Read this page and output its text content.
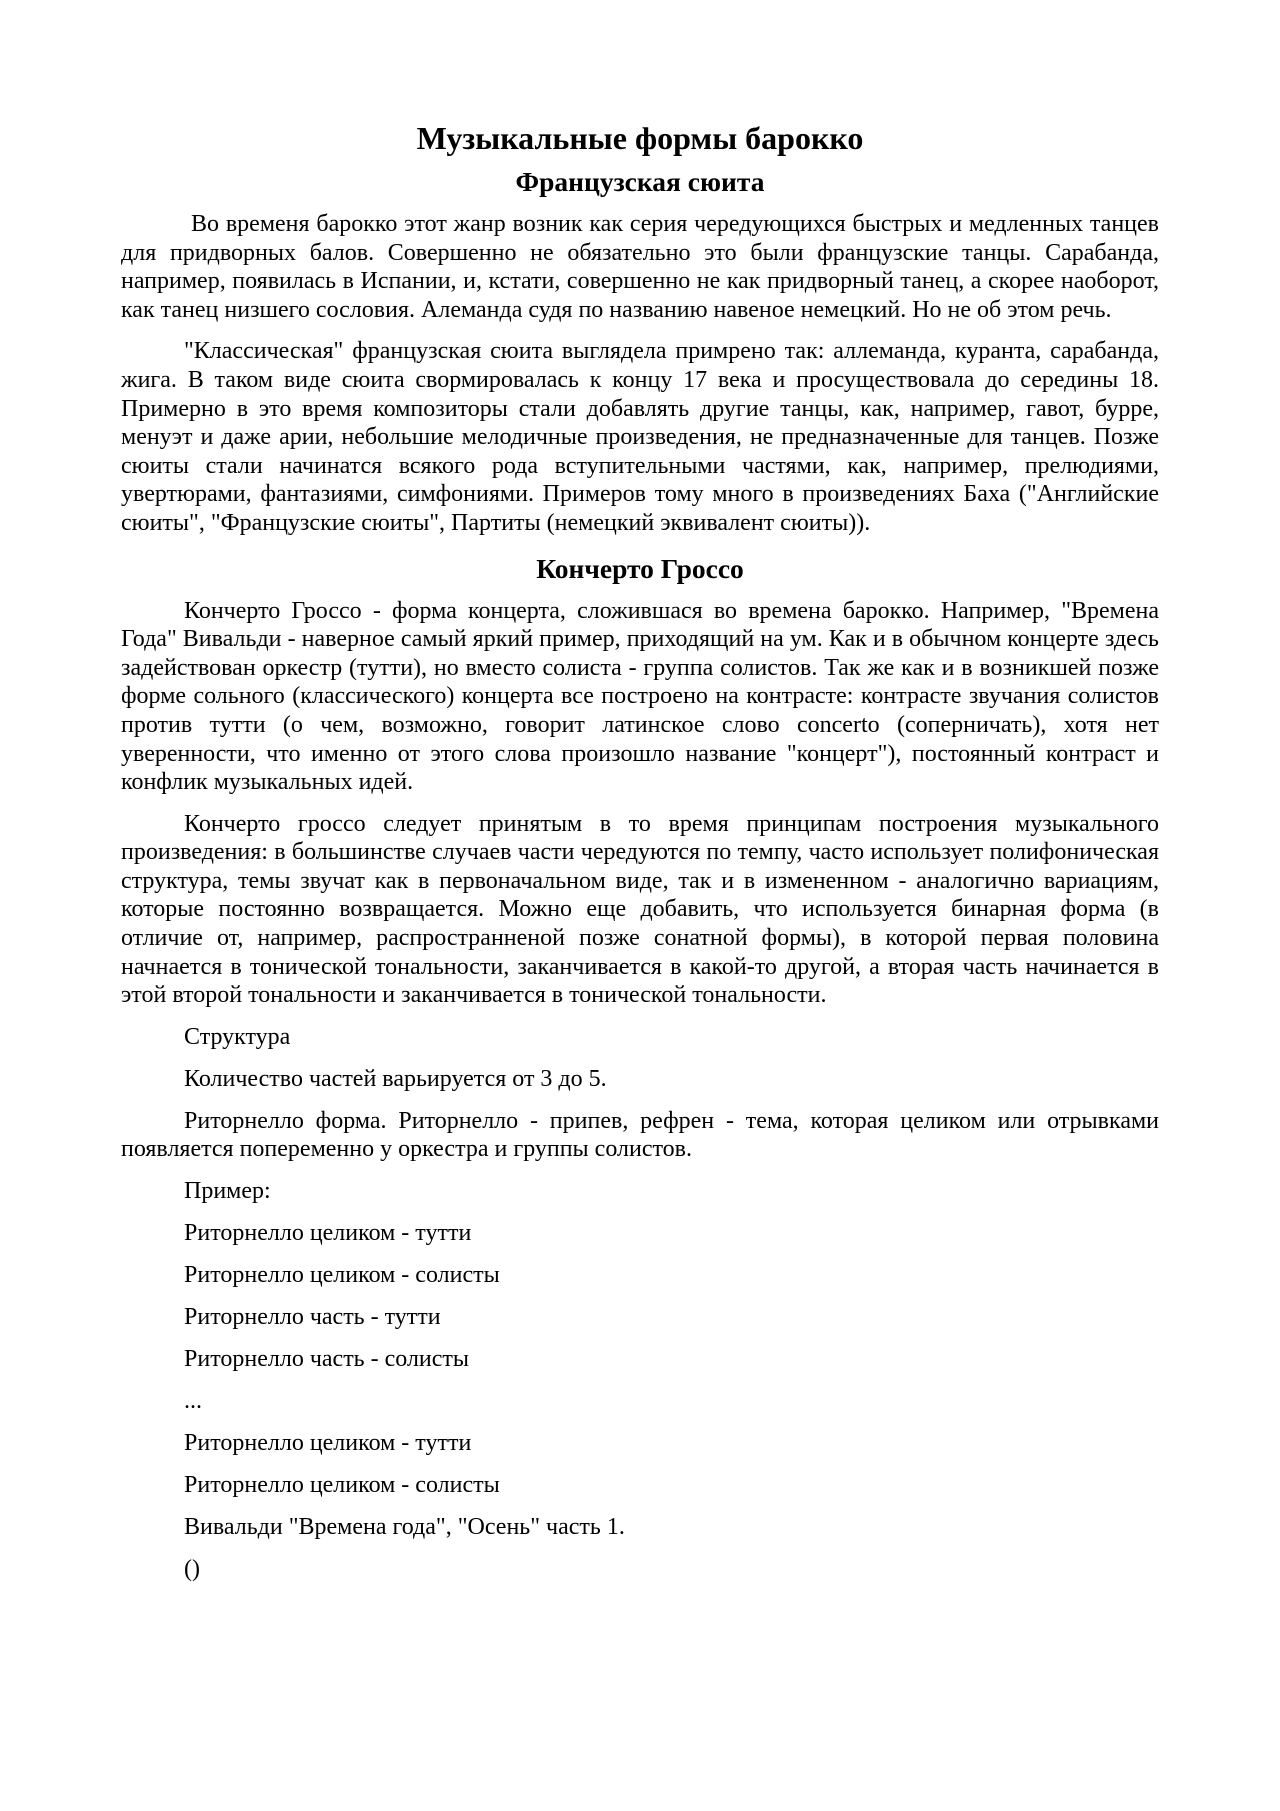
Музыкальные формы барокко
Французская сюита

Во временя барокко этот жанр возник как серия чередующихся быстрых и медленных танцев для придворных балов. Совершенно не обязательно это были французские танцы. Сарабанда, например, появилась в Испании, и, кстати, совершенно не как придворный танец, а скорее наоборот, как танец низшего сословия. Алеманда судя по названию навеное немецкий. Но не об этом речь.

"Классическая" французская сюита выглядела примрено так: аллеманда, куранта, сарабанда, жига. В таком виде сюита свормировалась к концу 17 века и просуществовала до середины 18. Примерно в это время композиторы стали добавлять другие танцы, как, например, гавот, бурре, менуэт и даже арии, небольшие мелодичные произведения, не предназначенные для танцев. Позже сюиты стали начинатся всякого рода вступительными частями, как, например, прелюдиями, увертюрами, фантазиями, симфониями. Примеров тому много в произведениях Баха ("Английские сюиты", "Французские сюиты", Партиты (немецкий эквивалент сюиты)).

Кончерто Гроссо

Кончерто Гроссо - форма концерта, сложившася во времена барокко. Например, "Времена Года" Вивальди - наверное самый яркий пример, приходящий на ум. Как и в обычном концерте здесь задействован оркестр (тутти), но вместо солиста - группа солистов. Так же как и в возникшей позже форме сольного (классического) концерта все построено на контрасте: контрасте звучания солистов против тутти (о чем, возможно, говорит латинское слово concerto (соперничать), хотя нет уверенности, что именно от этого слова произошло название "концерт"), постоянный контраст и конфлик музыкальных идей.

Кончерто гроссо следует принятым в то время принципам построения музыкального произведения: в большинстве случаев части чередуются по темпу, часто использует полифоническая структура, темы звучат как в первоначальном виде, так и в измененном - аналогично вариациям, которые постоянно возвращается. Можно еще добавить, что используется бинарная форма (в отличие от, например, распространненой позже сонатной формы), в которой первая половина начнается в тонической тональности, заканчивается в какой-то другой, а вторая часть начинается в этой второй тональности и заканчивается в тонической тональности.

Структура

Количество частей варьируется от 3 до 5.

Риторнелло форма. Риторнелло - припев, рефрен - тема, которая целиком или отрывками появляется попеременно у оркестра и группы солистов.

Пример:

Риторнелло целиком - тутти

Риторнелло целиком - солисты

Риторнелло часть - тутти

Риторнелло часть - солисты

...

Риторнелло целиком - тутти

Риторнелло целиком - солисты

Вивальди "Времена года", "Осень" часть 1.

()
